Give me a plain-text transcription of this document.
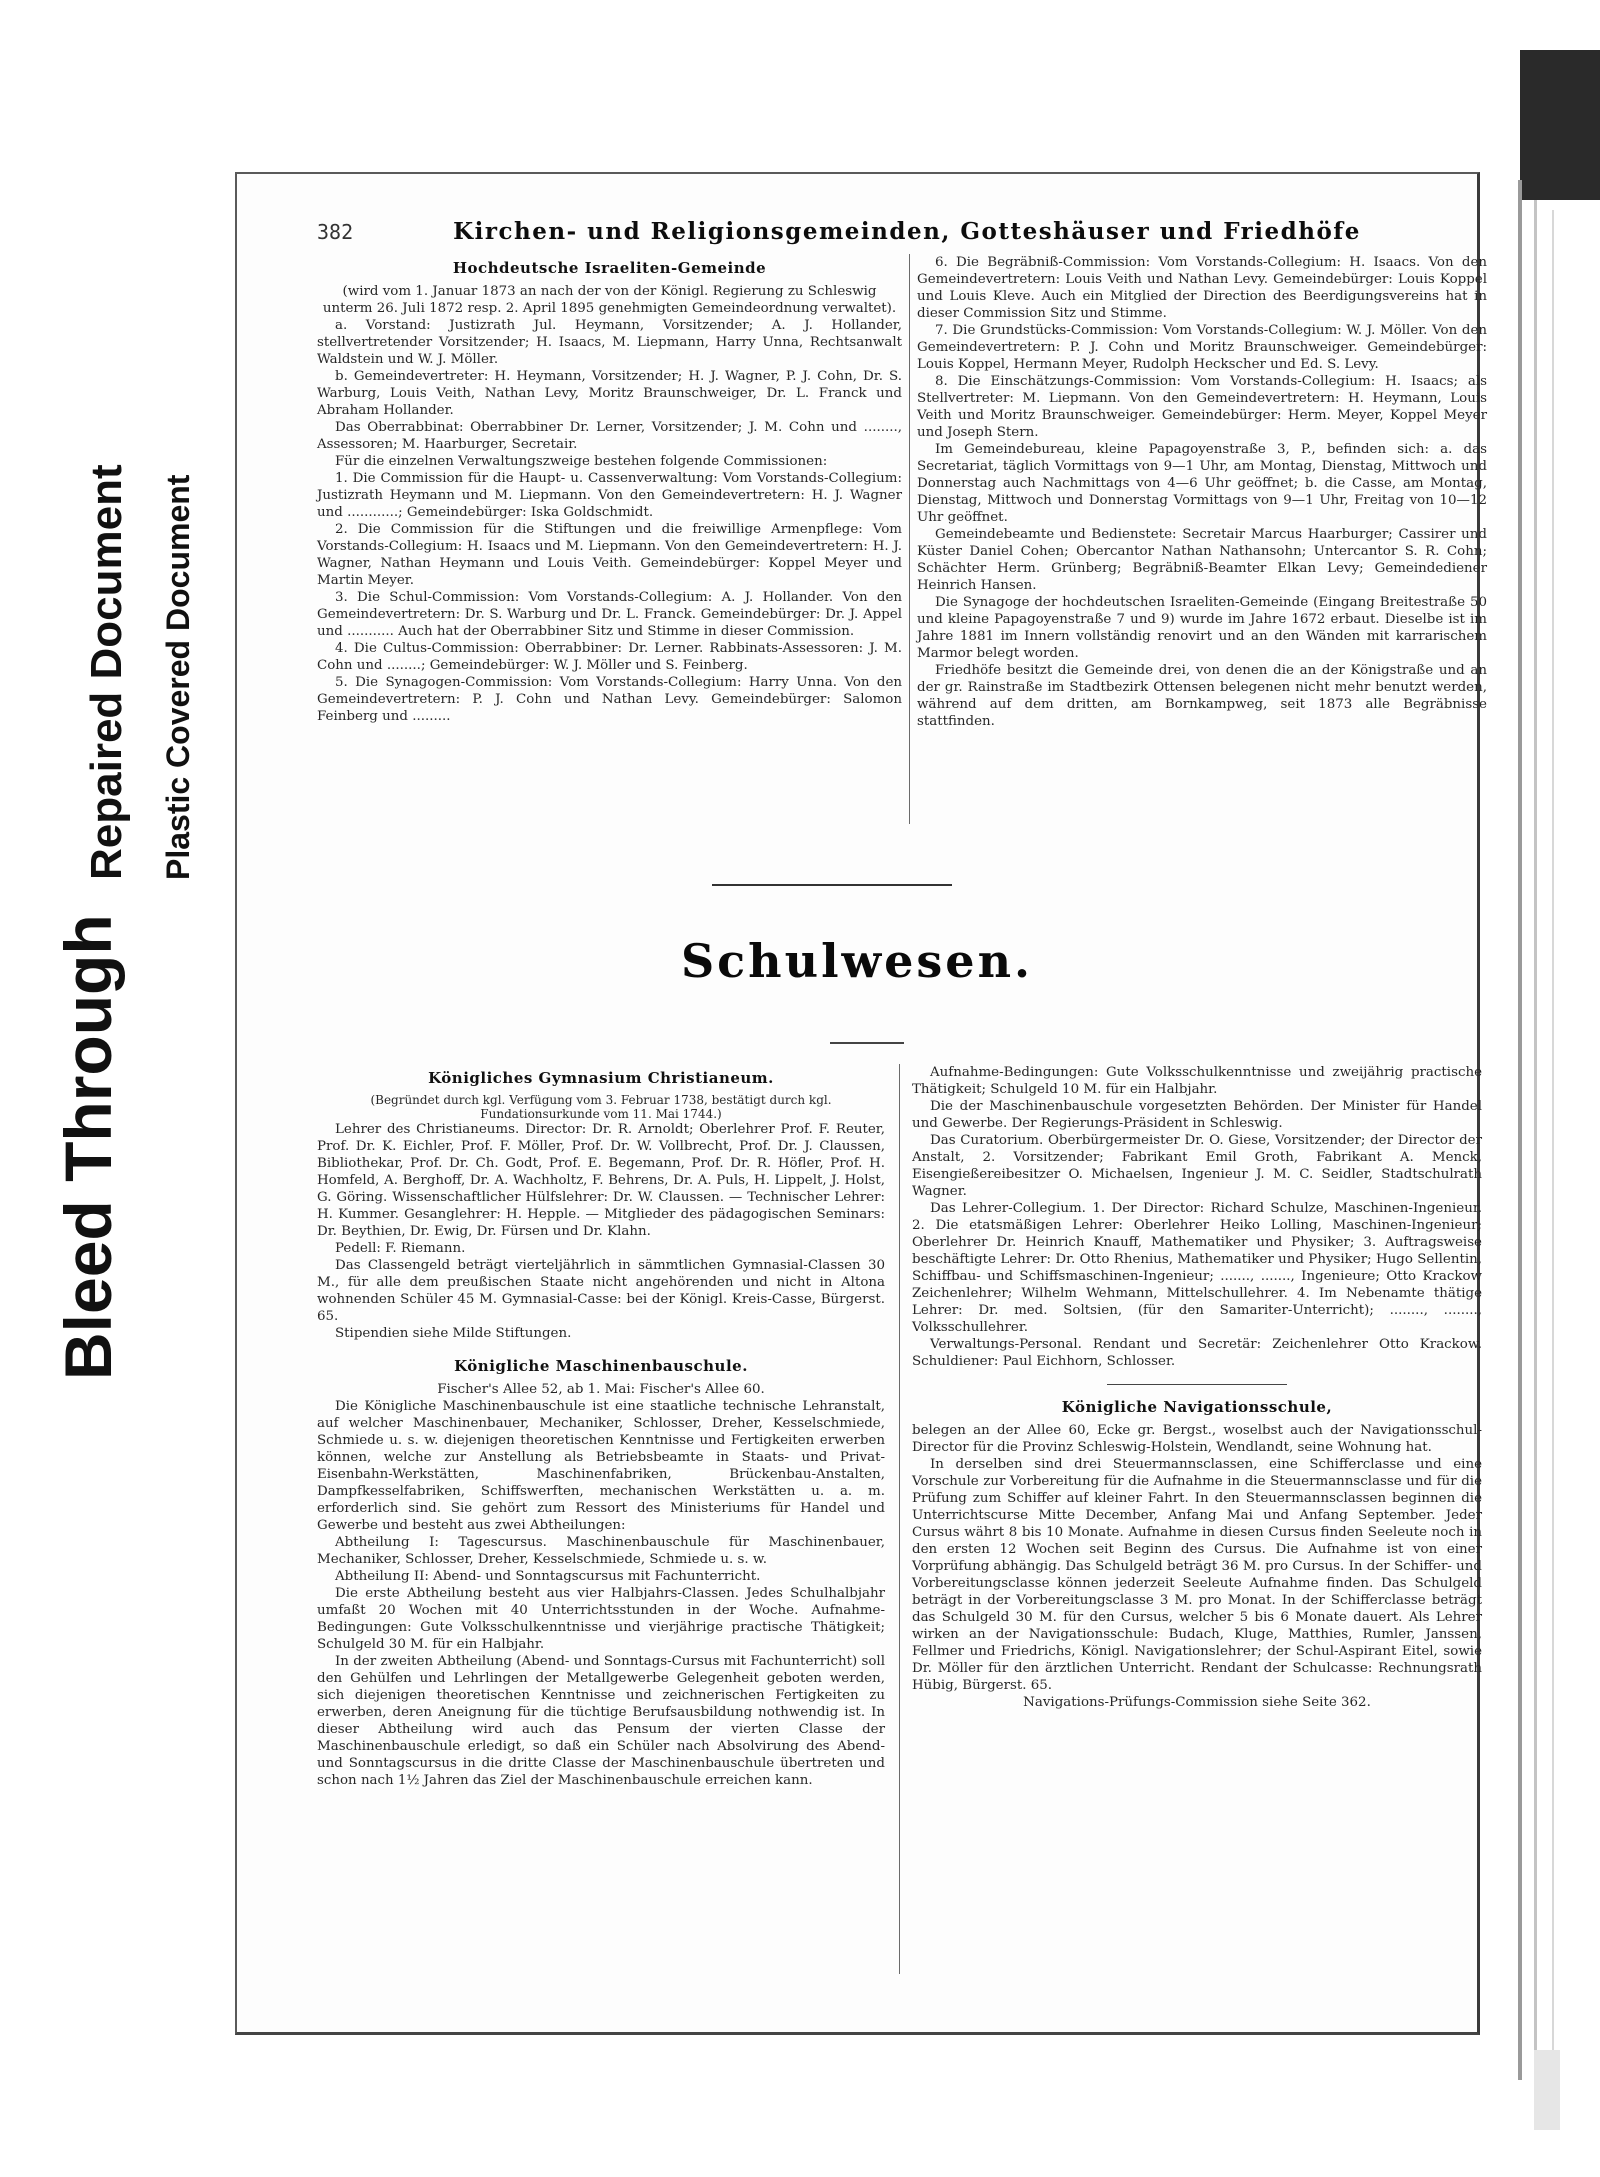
Bleed Through
Repaired Document Plastic Covered Document
382	Kirchen- und Religionsgemeinden, Gotteshäuser und Friedhöfe

Hochdeutsche Israeliten-Gemeinde

(wird vom 1. Januar 1873 an nach der von der Königl. Regierung zu Schleswig unterm 26. Juli 1872 resp. 2. April 1895 genehmigten Gemeindeordnung verwaltet).

a. Vorstand: Justizrath Jul. Heymann, Vorsitzender; A. J. Hollander, stellvertretender Vorsitzender; H. Isaacs, M. Liepmann, Harry Unna, Rechtsanwalt Waldstein und W. J. Möller.

b. Gemeindevertreter: H. Heymann, Vorsitzender; H. J. Wagner, P. J. Cohn, Dr. S. Warburg, Louis Veith, Nathan Levy, Moritz Braunschweiger, Dr. L. Franck und Abraham Hollander.

Das Oberrabbinat: Oberrabbiner Dr. Lerner, Vorsitzender; J. M. Cohn und ........, Assessoren; M. Haarburger, Secretair.

Für die einzelnen Verwaltungszweige bestehen folgende Commissionen:

1. Die Commission für die Haupt- u. Cassenverwaltung: Vom Vorstands-Collegium: Justizrath Heymann und M. Liepmann. Von den Gemeindevertretern: H. J. Wagner und ............; Gemeindebürger: Iska Goldschmidt.

2. Die Commission für die Stiftungen und die freiwillige Armenpflege: Vom Vorstands-Collegium: H. Isaacs und M. Liepmann. Von den Gemeindevertretern: H. J. Wagner, Nathan Heymann und Louis Veith. Gemeindebürger: Koppel Meyer und Martin Meyer.

3. Die Schul-Commission: Vom Vorstands-Collegium: A. J. Hollander. Von den Gemeindevertretern: Dr. S. Warburg und Dr. L. Franck. Gemeindebürger: Dr. J. Appel und ........... Auch hat der Oberrabbiner Sitz und Stimme in dieser Commission.

4. Die Cultus-Commission: Oberrabbiner: Dr. Lerner. Rabbinats-Assessoren: J. M. Cohn und ........; Gemeindebürger: W. J. Möller und S. Feinberg.

5. Die Synagogen-Commission: Vom Vorstands-Collegium: Harry Unna. Von den Gemeindevertretern: P. J. Cohn und Nathan Levy. Gemeindebürger: Salomon Feinberg und .........

6. Die Begräbniß-Commission: Vom Vorstands-Collegium: H. Isaacs. Von den Gemeindevertretern: Louis Veith und Nathan Levy. Gemeindebürger: Louis Koppel und Louis Kleve. Auch ein Mitglied der Direction des Beerdigungsvereins hat in dieser Commission Sitz und Stimme.

7. Die Grundstücks-Commission: Vom Vorstands-Collegium: W. J. Möller. Von den Gemeindevertretern: P. J. Cohn und Moritz Braunschweiger. Gemeindebürger: Louis Koppel, Hermann Meyer, Rudolph Heckscher und Ed. S. Levy.

8. Die Einschätzungs-Commission: Vom Vorstands-Collegium: H. Isaacs; als Stellvertreter: M. Liepmann. Von den Gemeindevertretern: H. Heymann, Louis Veith und Moritz Braunschweiger. Gemeindebürger: Herm. Meyer, Koppel Meyer und Joseph Stern.

Im Gemeindebureau, kleine Papagoyenstraße 3, P., befinden sich: a. das Secretariat, täglich Vormittags von 9—1 Uhr, am Montag, Dienstag, Mittwoch und Donnerstag auch Nachmittags von 4—6 Uhr geöffnet; b. die Casse, am Montag, Dienstag, Mittwoch und Donnerstag Vormittags von 9—1 Uhr, Freitag von 10—12 Uhr geöffnet.

Gemeindebeamte und Bedienstete: Secretair Marcus Haarburger; Cassirer und Küster Daniel Cohen; Obercantor Nathan Nathansohn; Untercantor S. R. Cohn; Schächter Herm. Grünberg; Begräbniß-Beamter Elkan Levy; Gemeindediener Heinrich Hansen.

Die Synagoge der hochdeutschen Israeliten-Gemeinde (Eingang Breitestraße 50 und kleine Papagoyenstraße 7 und 9) wurde im Jahre 1672 erbaut. Dieselbe ist im Jahre 1881 im Innern vollständig renovirt und an den Wänden mit karrarischem Marmor belegt worden.

Friedhöfe besitzt die Gemeinde drei, von denen die an der Königstraße und an der gr. Rainstraße im Stadtbezirk Ottensen belegenen nicht mehr benutzt werden, während auf dem dritten, am Bornkampweg, seit 1873 alle Begräbnisse stattfinden.

Schulwesen.

Königliches Gymnasium Christianeum.

(Begründet durch kgl. Verfügung vom 3. Februar 1738, bestätigt durch kgl. Fundationsurkunde vom 11. Mai 1744.)

Lehrer des Christianeums. Director: Dr. R. Arnoldt; Oberlehrer Prof. F. Reuter, Prof. Dr. K. Eichler, Prof. F. Möller, Prof. Dr. W. Vollbrecht, Prof. Dr. J. Claussen, Bibliothekar, Prof. Dr. Ch. Godt, Prof. E. Begemann, Prof. Dr. R. Höfler, Prof. H. Homfeld, A. Berghoff, Dr. A. Wachholtz, F. Behrens, Dr. A. Puls, H. Lippelt, J. Holst, G. Göring. Wissenschaftlicher Hülfslehrer: Dr. W. Claussen. — Technischer Lehrer: H. Kummer. Gesanglehrer: H. Hepple. — Mitglieder des pädagogischen Seminars: Dr. Beythien, Dr. Ewig, Dr. Fürsen und Dr. Klahn.

Pedell: F. Riemann.

Das Classengeld beträgt vierteljährlich in sämmtlichen Gymnasial-Classen 30 M., für alle dem preußischen Staate nicht angehörenden und nicht in Altona wohnenden Schüler 45 M. Gymnasial-Casse: bei der Königl. Kreis-Casse, Bürgerst. 65.

Stipendien siehe Milde Stiftungen.

Königliche Maschinenbauschule.

Fischer's Allee 52, ab 1. Mai: Fischer's Allee 60.

Die Königliche Maschinenbauschule ist eine staatliche technische Lehranstalt, auf welcher Maschinenbauer, Mechaniker, Schlosser, Dreher, Kesselschmiede, Schmiede u. s. w. diejenigen theoretischen Kenntnisse und Fertigkeiten erwerben können, welche zur Anstellung als Betriebsbeamte in Staats- und Privat-Eisenbahn-Werkstätten, Maschinenfabriken, Brückenbau-Anstalten, Dampfkesselfabriken, Schiffswerften, mechanischen Werkstätten u. a. m. erforderlich sind. Sie gehört zum Ressort des Ministeriums für Handel und Gewerbe und besteht aus zwei Abtheilungen:

Abtheilung I: Tagescursus. Maschinenbauschule für Maschinenbauer, Mechaniker, Schlosser, Dreher, Kesselschmiede, Schmiede u. s. w.

Abtheilung II: Abend- und Sonntagscursus mit Fachunterricht.

Die erste Abtheilung besteht aus vier Halbjahrs-Classen. Jedes Schulhalbjahr umfaßt 20 Wochen mit 40 Unterrichtsstunden in der Woche. Aufnahme-Bedingungen: Gute Volksschulkenntnisse und vierjährige practische Thätigkeit; Schulgeld 30 M. für ein Halbjahr.

In der zweiten Abtheilung (Abend- und Sonntags-Cursus mit Fachunterricht) soll den Gehülfen und Lehrlingen der Metallgewerbe Gelegenheit geboten werden, sich diejenigen theoretischen Kenntnisse und zeichnerischen Fertigkeiten zu erwerben, deren Aneignung für die tüchtige Berufsausbildung nothwendig ist. In dieser Abtheilung wird auch das Pensum der vierten Classe der Maschinenbauschule erledigt, so daß ein Schüler nach Absolvirung des Abend- und Sonntagscursus in die dritte Classe der Maschinenbauschule übertreten und schon nach 1½ Jahren das Ziel der Maschinenbauschule erreichen kann.

Aufnahme-Bedingungen: Gute Volksschulkenntnisse und zweijährig practische Thätigkeit; Schulgeld 10 M. für ein Halbjahr.

Die der Maschinenbauschule vorgesetzten Behörden. Der Minister für Handel und Gewerbe. Der Regierungs-Präsident in Schleswig.

Das Curatorium. Oberbürgermeister Dr. O. Giese, Vorsitzender; der Director der Anstalt, 2. Vorsitzender; Fabrikant Emil Groth, Fabrikant A. Menck, Eisengießereibesitzer O. Michaelsen, Ingenieur J. M. C. Seidler, Stadtschulrath Wagner.

Das Lehrer-Collegium. 1. Der Director: Richard Schulze, Maschinen-Ingenieur. 2. Die etatsmäßigen Lehrer: Oberlehrer Heiko Lolling, Maschinen-Ingenieur; Oberlehrer Dr. Heinrich Knauff, Mathematiker und Physiker; 3. Auftragsweise beschäftigte Lehrer: Dr. Otto Rhenius, Mathematiker und Physiker; Hugo Sellentin, Schiffbau- und Schiffsmaschinen-Ingenieur; ......., ......., Ingenieure; Otto Krackow Zeichenlehrer; Wilhelm Wehmann, Mittelschullehrer. 4. Im Nebenamte thätige Lehrer: Dr. med. Soltsien, (für den Samariter-Unterricht); ........, ........, Volksschullehrer.

Verwaltungs-Personal. Rendant und Secretär: Zeichenlehrer Otto Krackow. Schuldiener: Paul Eichhorn, Schlosser.

Königliche Navigationsschule,

belegen an der Allee 60, Ecke gr. Bergst., woselbst auch der Navigationsschul-Director für die Provinz Schleswig-Holstein, Wendlandt, seine Wohnung hat.

In derselben sind drei Steuermannsclassen, eine Schifferclasse und eine Vorschule zur Vorbereitung für die Aufnahme in die Steuermannsclasse und für die Prüfung zum Schiffer auf kleiner Fahrt. In den Steuermannsclassen beginnen die Unterrichtscurse Mitte December, Anfang Mai und Anfang September. Jeder Cursus währt 8 bis 10 Monate. Aufnahme in diesen Cursus finden Seeleute noch in den ersten 12 Wochen seit Beginn des Cursus. Die Aufnahme ist von einer Vorprüfung abhängig. Das Schulgeld beträgt 36 M. pro Cursus. In der Schiffer- und Vorbereitungsclasse können jederzeit Seeleute Aufnahme finden. Das Schulgeld beträgt in der Vorbereitungsclasse 3 M. pro Monat. In der Schifferclasse beträgt das Schulgeld 30 M. für den Cursus, welcher 5 bis 6 Monate dauert. Als Lehrer wirken an der Navigationsschule: Budach, Kluge, Matthies, Rumler, Janssen, Fellmer und Friedrichs, Königl. Navigationslehrer; der Schul-Aspirant Eitel, sowie Dr. Möller für den ärztlichen Unterricht. Rendant der Schulcasse: Rechnungsrath Hübig, Bürgerst. 65.

Navigations-Prüfungs-Commission siehe Seite 362.
